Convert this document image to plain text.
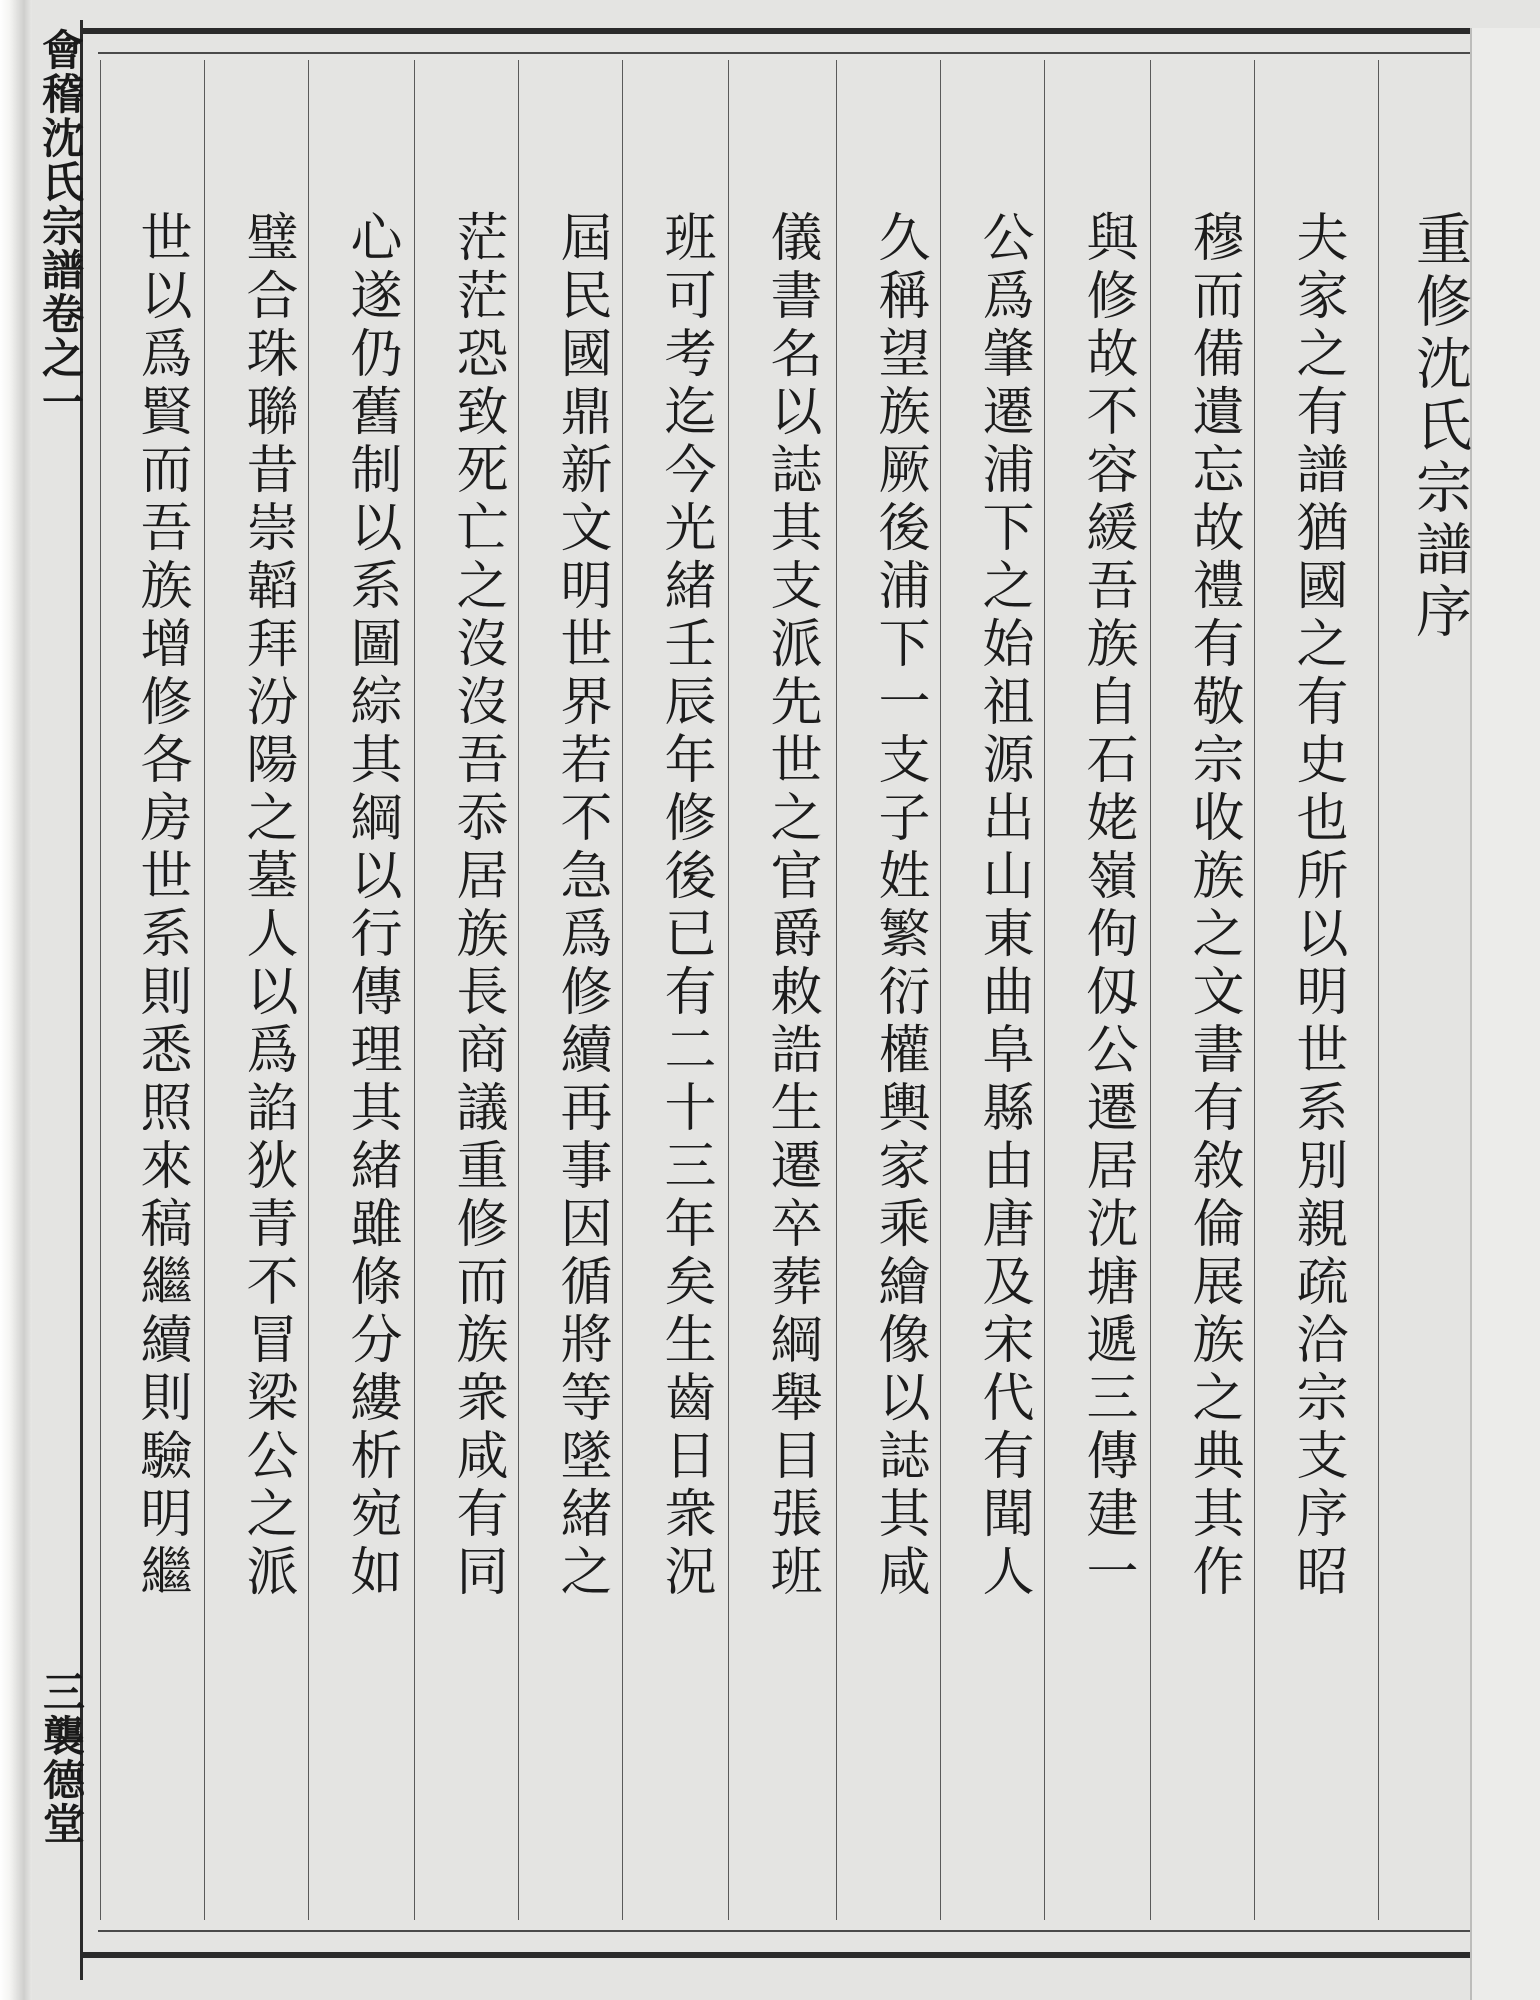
會稽沈氏宗譜卷之一
三襲德堂
重修沈氏宗譜序
夫家之有譜猶國之有史也所以明世系別親疏洽宗支序昭
穆而備遺忘故禮有敬宗收族之文書有敘倫展族之典其作
與修故不容緩吾族自石姥嶺佝仭公遷居沈塘遞三傳建一
公爲肇遷浦下之始祖源出山東曲阜縣由唐及宋代有聞人
久稱望族厥後浦下一支子姓繁衍權輿家乘繪像以誌其咸
儀書名以誌其支派先世之官爵敕誥生遷卒葬綱舉目張班
班可考迄今光緒壬辰年修後已有二十三年矣生齒日衆況
屆民國鼎新文明世界若不急爲修續再事因循將等墜緒之
茫茫恐致死亡之沒沒吾忝居族長商議重修而族衆咸有同
心遂仍舊制以系圖綜其綱以行傳理其緒雖條分縷析宛如
璧合珠聯昔崇韜拜汾陽之墓人以爲諂狄青不冒梁公之派
世以爲賢而吾族增修各房世系則悉照來稿繼續則驗明繼
